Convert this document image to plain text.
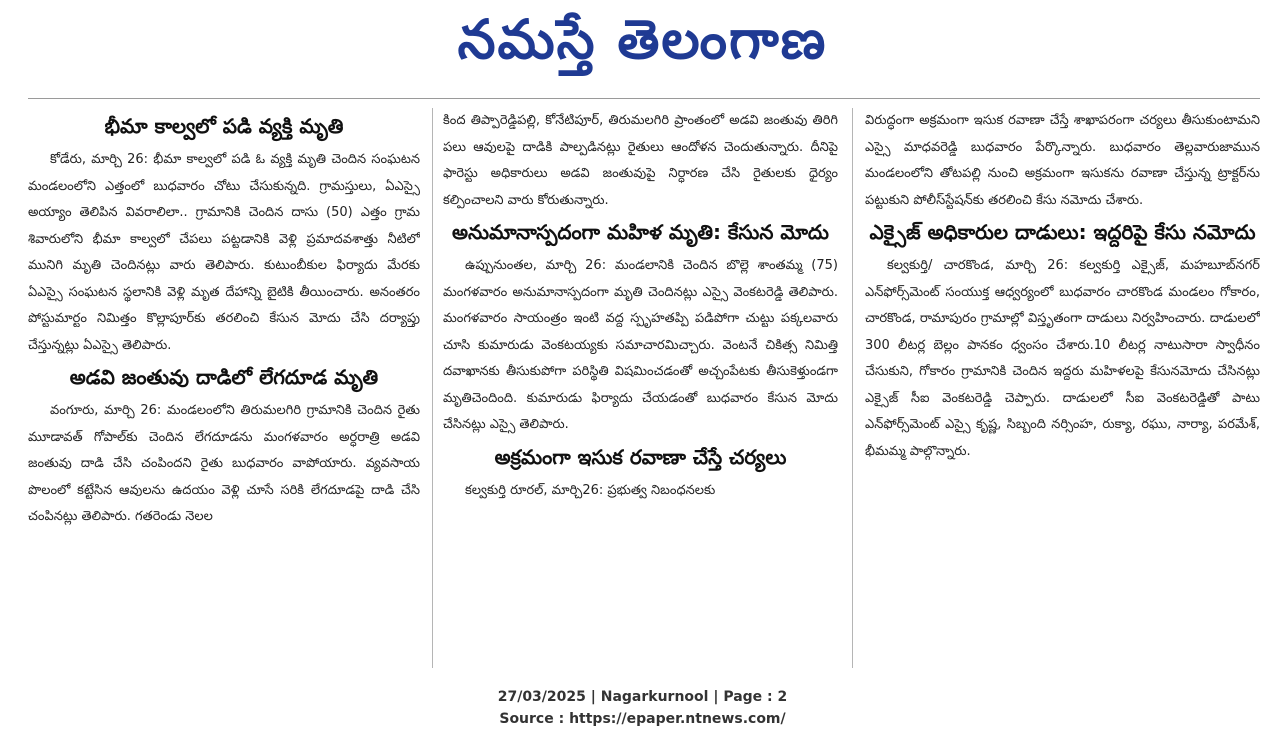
నమస్తే తెలంగాణ
భీమా కాల్వలో పడి వ్యక్తి మృతి

కోడేరు, మార్చి 26: భీమా కాల్వలో పడి ఓ వ్యక్తి మృతి చెందిన సంఘటన మండలంలోని ఎత్తంలో బుధవారం చోటు చేసుకున్నది. గ్రామస్తులు, ఏఎస్సై అయ్యాం తెలిపిన వివరాలిలా.. గ్రామానికి చెందిన దాసు (50) ఎత్తం గ్రామ శివారులోని భీమా కాల్వలో చేపలు పట్టడానికి వెళ్లి ప్రమాదవశాత్తు నీటిలో మునిగి మృతి చెందినట్లు వారు తెలిపారు. కుటుంబీకుల ఫిర్యాదు మేరకు ఏఎస్సై సంఘటన స్థలానికి వెళ్లి మృత దేహాన్ని బైటికి తీయించారు. అనంతరం పోస్టుమార్టం నిమిత్తం కొల్లాపూర్‌కు తరలించి కేసున మోదు చేసి దర్యాప్తు చేస్తున్నట్లు ఏఎస్సై తెలిపారు.

అడవి జంతువు దాడిలో లేగదూడ మృతి

వంగూరు, మార్చి 26: మండలంలోని తిరుమలగిరి గ్రామానికి చెందిన రైతు మూడావత్ గోపాల్‌కు చెందిన లేగదూడను మంగళవారం అర్ధరాత్రి అడవి జంతువు దాడి చేసి చంపిందని రైతు బుధవారం వాపోయారు. వ్యవసాయ పొలంలో కట్టేసిన ఆవులను ఉదయం వెళ్లి చూసే సరికి లేగదూడపై దాడి చేసి చంపినట్లు తెలిపారు. గతరెండు నెలల

కింద తిప్పారెడ్డిపల్లి, కోనేటిపూర్, తిరుమలగిరి ప్రాంతంలో అడవి జంతువు తిరిగి పలు ఆవులపై దాడికి పాల్పడినట్లు రైతులు ఆందోళన చెందుతున్నారు. దీనిపై ఫారెస్టు అధికారులు అడవి జంతువుపై నిర్ధారణ చేసి రైతులకు ధైర్యం కల్పించాలని వారు కోరుతున్నారు.

అనుమానాస్పదంగా మహిళ మృతి: కేసున మోదు

ఉప్పునుంతల, మార్చి 26: మండలానికి చెందిన బొల్లె శాంతమ్మ (75) మంగళవారం అనుమానాస్పదంగా మృతి చెందినట్లు ఎస్సై వెంకటరెడ్డి తెలిపారు. మంగళవారం సాయంత్రం ఇంటి వద్ద స్పృహతప్పి పడిపోగా చుట్టు పక్కలవారు చూసి కుమారుడు వెంకటయ్యకు సమాచారమిచ్చారు. వెంటనే చికిత్స నిమిత్తి దవాఖానకు తీసుకుపోగా పరిస్థితి విషమించడంతో అచ్చంపేటకు తీసుకెళ్తుండగా మృతిచెందింది. కుమారుడు ఫిర్యాదు చేయడంతో బుధవారం కేసున మోదు చేసినట్లు ఎస్సై తెలిపారు.

అక్రమంగా ఇసుక రవాణా చేస్తే చర్యలు

కల్వకుర్తి రూరల్, మార్చి26: ప్రభుత్వ నిబంధనలకు

విరుద్ధంగా అక్రమంగా ఇసుక రవాణా చేస్తే శాఖాపరంగా చర్యలు తీసుకుంటామని ఎస్సై మాధవరెడ్డి బుధవారం పేర్కొన్నారు. బుధవారం తెల్లవారుజామున మండలంలోని తోటపల్లి నుంచి అక్రమంగా ఇసుకను రవాణా చేస్తున్న ట్రాక్టర్‌ను పట్టుకుని పోలీస్‌స్టేషన్‌కు తరలించి కేసు నమోదు చేశారు.

ఎక్సైజ్ అధికారుల దాడులు: ఇద్దరిపై కేసు నమోదు

కల్వకుర్తి/ చారకొండ, మార్చి 26: కల్వకుర్తి ఎక్సైజ్, మహబూబ్‌నగర్ ఎన్‌ఫోర్స్‌మెంట్ సంయుక్త ఆధ్వర్యంలో బుధవారం చారకొండ మండలం గోకారం, చారకొండ, రామాపురం గ్రామాల్లో విస్తృతంగా దాడులు నిర్వహించారు. దాడులలో 300 లీటర్ల బెల్లం పానకం ధ్వంసం చేశారు.10 లీటర్ల నాటుసారా స్వాధీనం చేసుకుని, గోకారం గ్రామానికి చెందిన ఇద్దరు మహిళలపై కేసునమోదు చేసినట్లు ఎక్సైజ్ సీఐ వెంకటరెడ్డి చెప్పారు. దాడులలో సీఐ వెంకటరెడ్డితో పాటు ఎన్‌ఫోర్స్‌మెంట్ ఎస్సై కృష్ణ, సిబ్బంది నర్సింహ, రుక్యా, రఘు, నార్యా, పరమేశ్, భీమమ్మ పాల్గొన్నారు.

27/03/2025 | Nagarkurnool | Page : 2
Source : https://epaper.ntnews.com/
